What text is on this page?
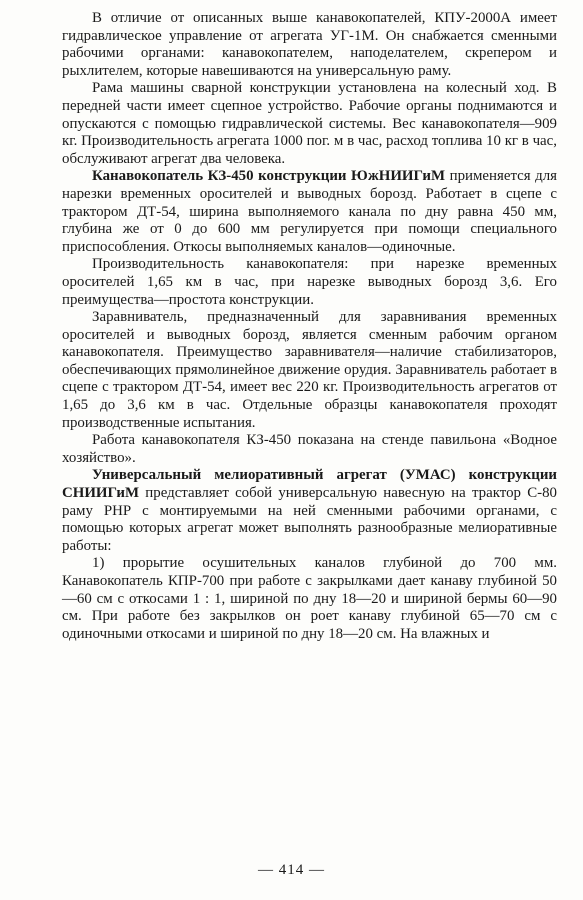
В отличие от описанных выше канавокопателей, КПУ-2000А имеет гидравлическое управление от агрегата УГ-1М. Он снабжается сменными рабочими органами: канавокопателем, наподелателем, скрепером и рыхлителем, которые навешиваются на универсальную раму.

Рама машины сварной конструкции установлена на колесный ход. В передней части имеет сцепное устройство. Рабочие органы поднимаются и опускаются с помощью гидравлической системы. Вес канавокопателя—909 кг. Производительность агрегата 1000 пог. м в час, расход топлива 10 кг в час, обслуживают агрегат два человека.

Канавокопатель КЗ-450 конструкции ЮжНИИГиМ применяется для нарезки временных оросителей и выводных борозд. Работает в сцепе с трактором ДТ-54, ширина выполняемого канала по дну равна 450 мм, глубина же от 0 до 600 мм регулируется при помощи специального приспособления. Откосы выполняемых каналов—одиночные.

Производительность канавокопателя: при нарезке временных оросителей 1,65 км в час, при нарезке выводных борозд 3,6. Его преимущества—простота конструкции.

Заравниватель, предназначенный для заравнивания временных оросителей и выводных борозд, является сменным рабочим органом канавокопателя. Преимущество заравнивателя—наличие стабилизаторов, обеспечивающих прямолинейное движение орудия. Заравниватель работает в сцепе с трактором ДТ-54, имеет вес 220 кг. Производительность агрегатов от 1,65 до 3,6 км в час. Отдельные образцы канавокопателя проходят производственные испытания.

Работа канавокопателя КЗ-450 показана на стенде павильона «Водное хозяйство».

Универсальный мелиоративный агрегат (УМАС) конструкции СНИИГиМ представляет собой универсальную навесную на трактор С-80 раму РНР с монтируемыми на ней сменными рабочими органами, с помощью которых агрегат может выполнять разнообразные мелиоративные работы:

1) прорытие осушительных каналов глубиной до 700 мм. Канавокопатель КПР-700 при работе с закрылками дает канаву глубиной 50—60 см с откосами 1 : 1, шириной по дну 18—20 и шириной бермы 60—90 см. При работе без закрылков он роет канаву глубиной 65—70 см с одиночными откосами и шириной по дну 18—20 см. На влажных и

— 414 —
